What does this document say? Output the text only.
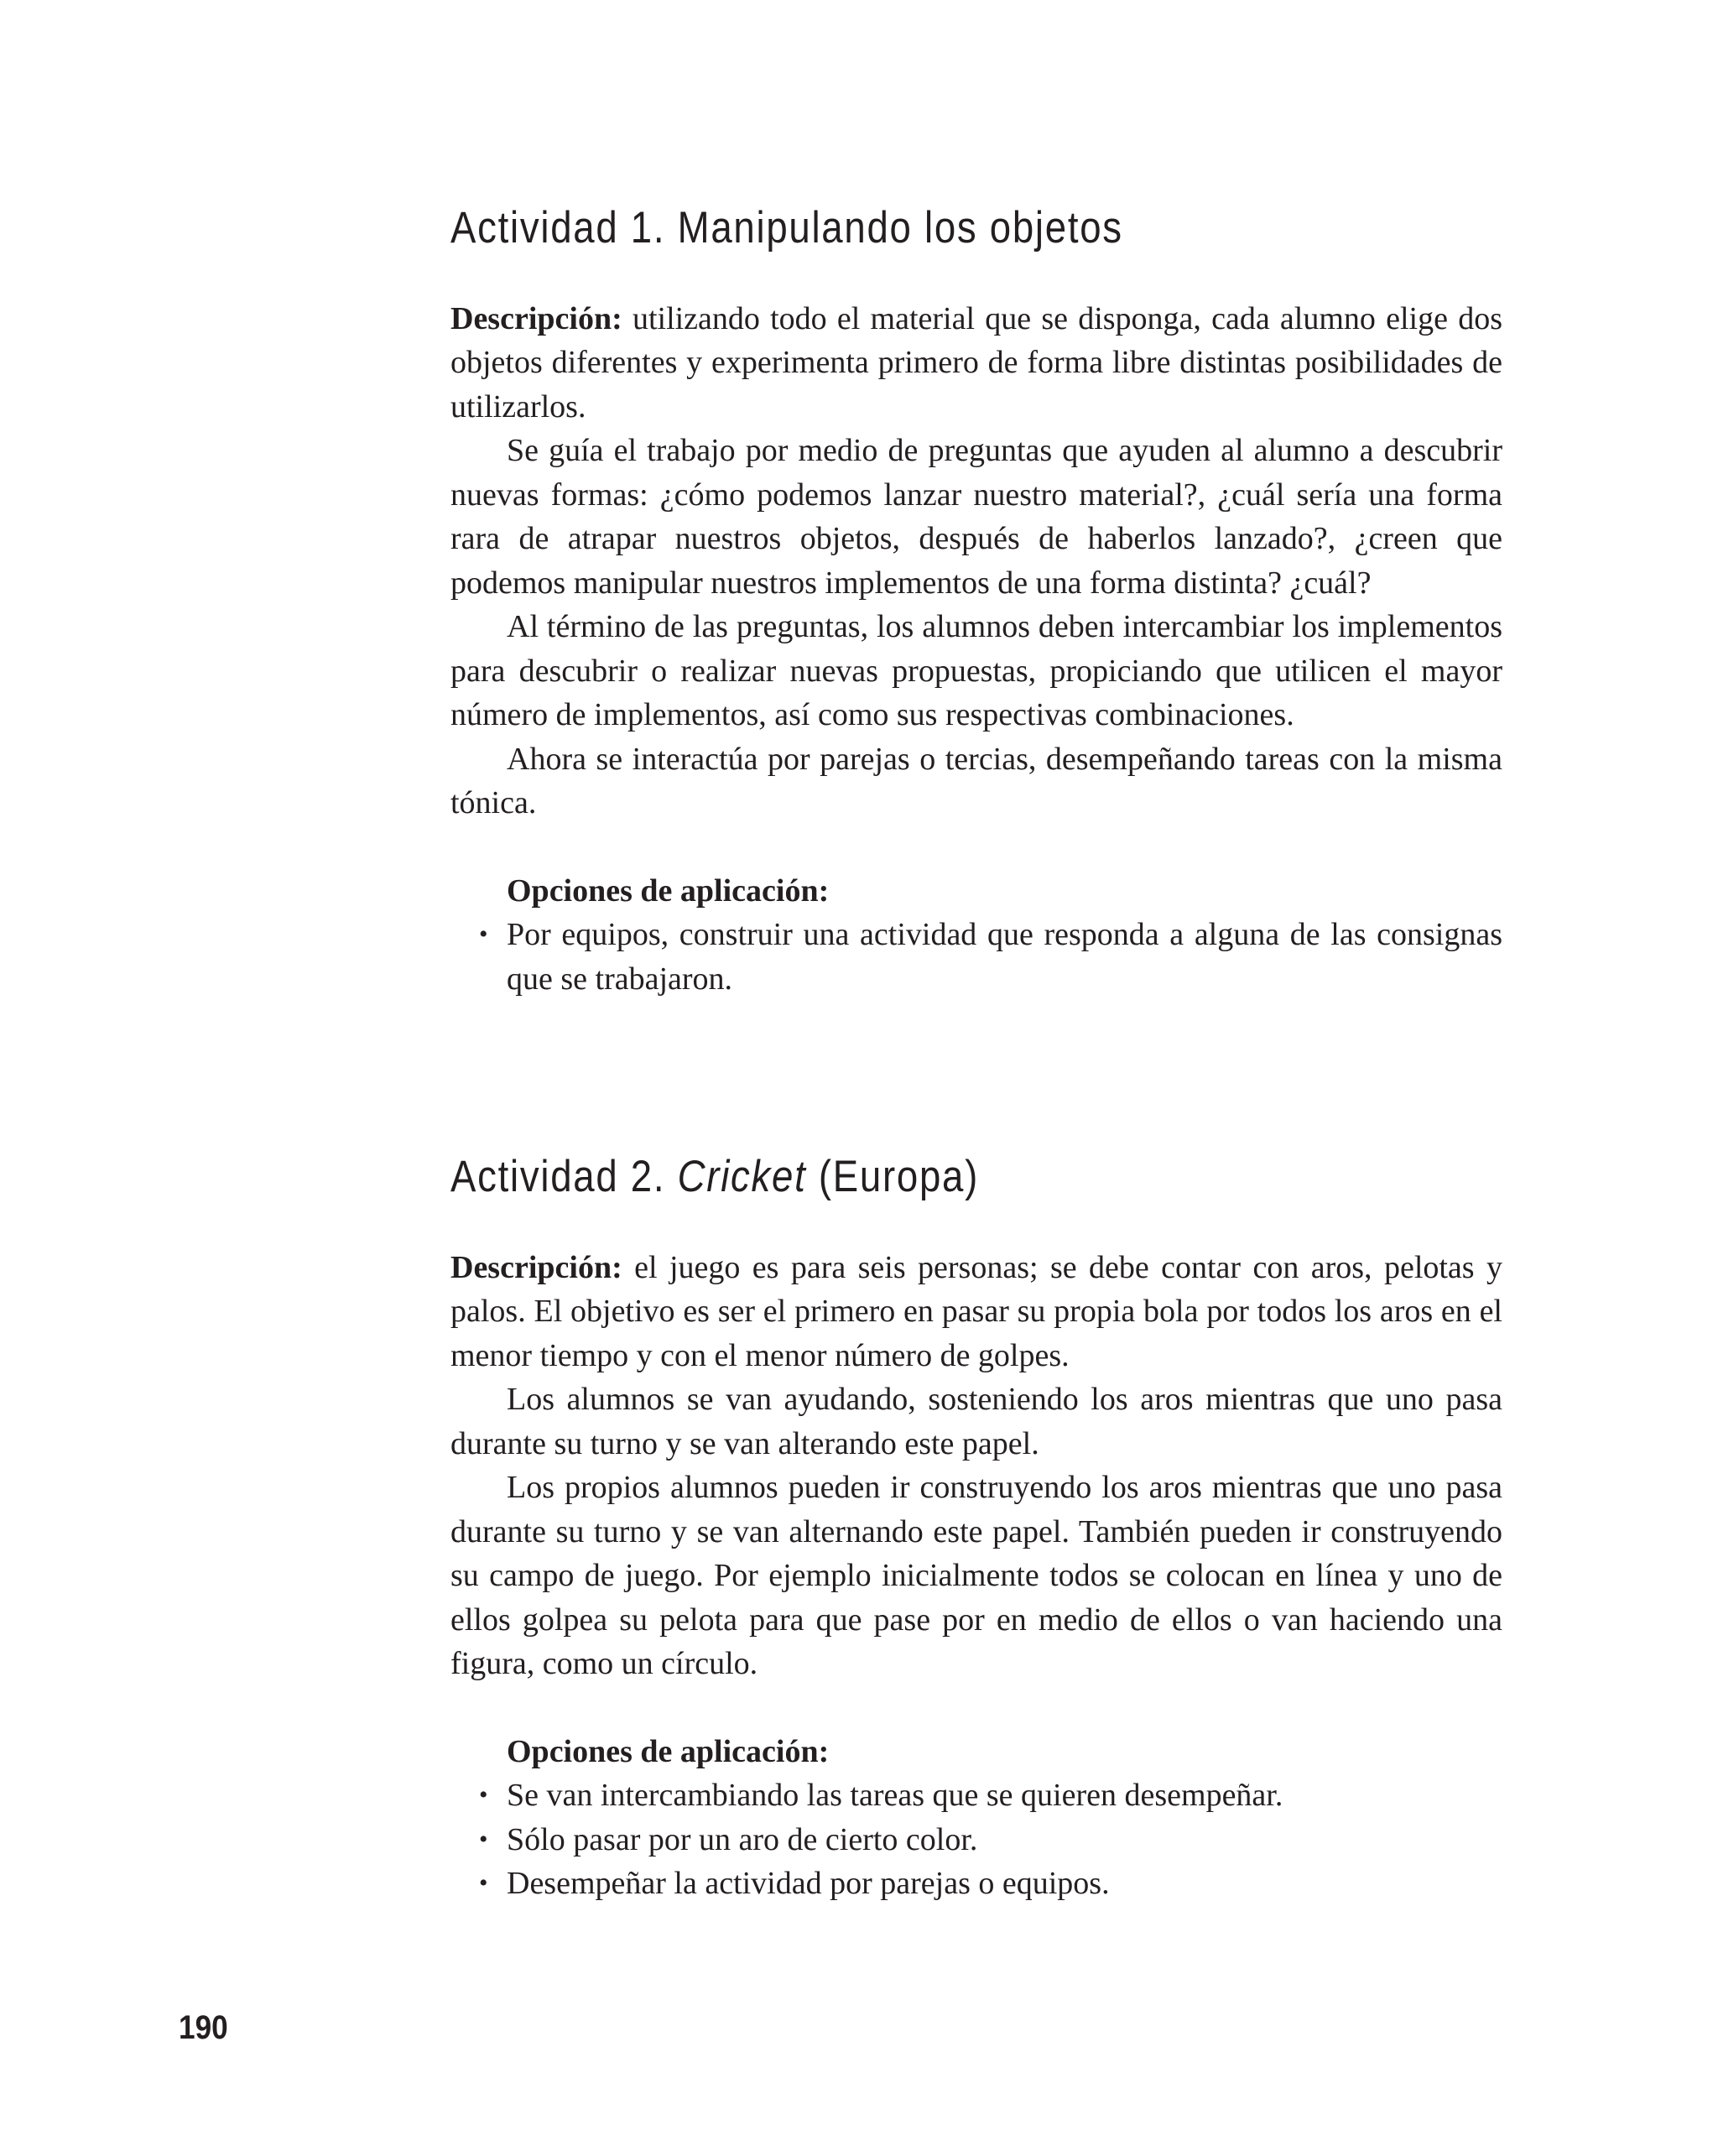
Actividad 1. Manipulando los objetos

Descripción: utilizando todo el material que se disponga, cada alumno elige dos objetos diferentes y experimenta primero de forma libre distintas posibilidades de utilizarlos.

Se guía el trabajo por medio de preguntas que ayuden al alumno a descubrir nuevas formas: ¿cómo podemos lanzar nuestro material?, ¿cuál sería una forma rara de atrapar nuestros objetos, después de haberlos lanzado?, ¿creen que podemos manipular nuestros implementos de una forma distinta? ¿cuál?

Al término de las preguntas, los alumnos deben intercambiar los implementos para descubrir o realizar nuevas propuestas, propiciando que utilicen el mayor número de implementos, así como sus respectivas combinaciones.

Ahora se interactúa por parejas o tercias, desempeñando tareas con la misma tónica.

Opciones de aplicación:
• Por equipos, construir una actividad que responda a alguna de las consignas que se trabajaron.
Actividad 2. Cricket (Europa)

Descripción: el juego es para seis personas; se debe contar con aros, pelotas y palos. El objetivo es ser el primero en pasar su propia bola por todos los aros en el menor tiempo y con el menor número de golpes.

Los alumnos se van ayudando, sosteniendo los aros mientras que uno pasa durante su turno y se van alterando este papel.

Los propios alumnos pueden ir construyendo los aros mientras que uno pasa durante su turno y se van alternando este papel. También pueden ir construyendo su campo de juego. Por ejemplo inicialmente todos se colocan en línea y uno de ellos golpea su pelota para que pase por en medio de ellos o van haciendo una figura, como un círculo.

Opciones de aplicación:
• Se van intercambiando las tareas que se quieren desempeñar.
• Sólo pasar por un aro de cierto color.
• Desempeñar la actividad por parejas o equipos.
190
